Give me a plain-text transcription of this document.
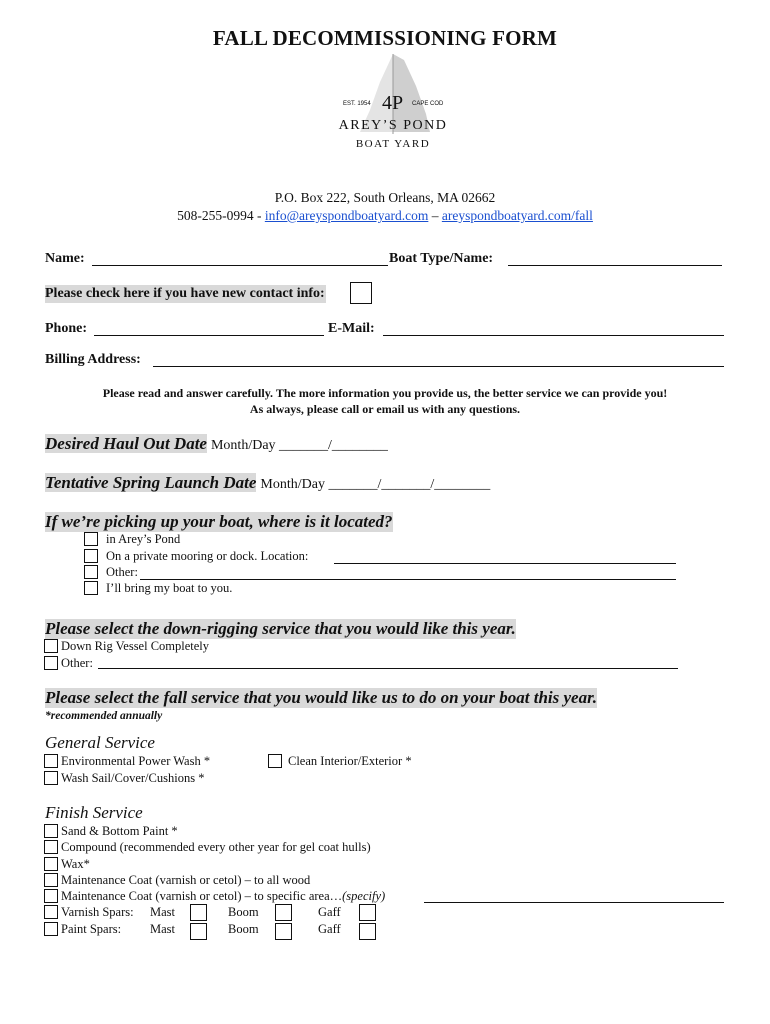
FALL DECOMMISSIONING FORM
EST. 1954 4P CAPE COD
AREY’S POND
BOAT YARD
P.O. Box 222, South Orleans, MA 02662
508-255-0994 - info@areyspondboatyard.com – areyspondboatyard.com/fall
Name:	Boat Type/Name:
Please check here if you have new contact info:
Phone:	E-Mail:
Billing Address:
Please read and answer carefully. The more information you provide us, the better service we can provide you!
As always, please call or email us with any questions.
Desired Haul Out Date Month/Day _______/________
Tentative Spring Launch Date Month/Day _______/_______/________
If we’re picking up your boat, where is it located?
in Arey’s Pond
On a private mooring or dock. Location:
Other:
I’ll bring my boat to you.
Please select the down-rigging service that you would like this year.
Down Rig Vessel Completely
Other:
Please select the fall service that you would like us to do on your boat this year.
*recommended annually
General Service
Environmental Power Wash *	Clean Interior/Exterior *
Wash Sail/Cover/Cushions *
Finish Service
Sand & Bottom Paint *
Compound (recommended every other year for gel coat hulls)
Wax*
Maintenance Coat (varnish or cetol) – to all wood
Maintenance Coat (varnish or cetol) – to specific area…(specify)
Varnish Spars: Mast	Boom	Gaff
Paint Spars: Mast	Boom	Gaff
